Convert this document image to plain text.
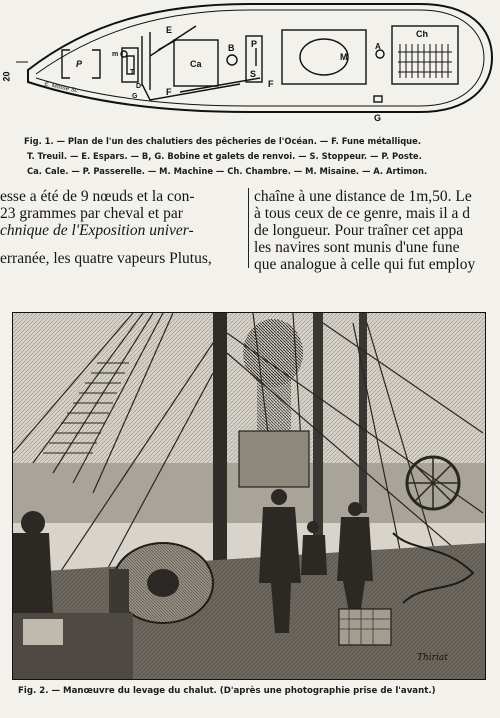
20
E. Mosse Sc.
P
E
m
T
D
G
Ca
B P
S
M
A
Ch
F
F
G
Fig. 1. — Plan de l'un des chalutiers des pêcheries de l'Océan. — F. Fune métallique.
T. Treuil. — E. Espars. — B, G. Bobine et galets de renvoi. — S. Stoppeur. — P. Poste.
Ca. Cale. — P. Passerelle. — M. Machine — Ch. Chambre. — M. Misaine. — A. Artimon.
esse a été de 9 nœuds et la con-
23 grammes par cheval et par
chnique de l'Exposition univer-
erranée, les quatre vapeurs Plutus,
chaîne à une distance de 1m,50. Le
à tous ceux de ce genre, mais il a d
de longueur. Pour traîner cet appa
les navires sont munis d'une fune
que analogue à celle qui fut employ
Thiriat
Fig. 2. — Manœuvre du levage du chalut. (D'après une photographie prise de l'avant.)
